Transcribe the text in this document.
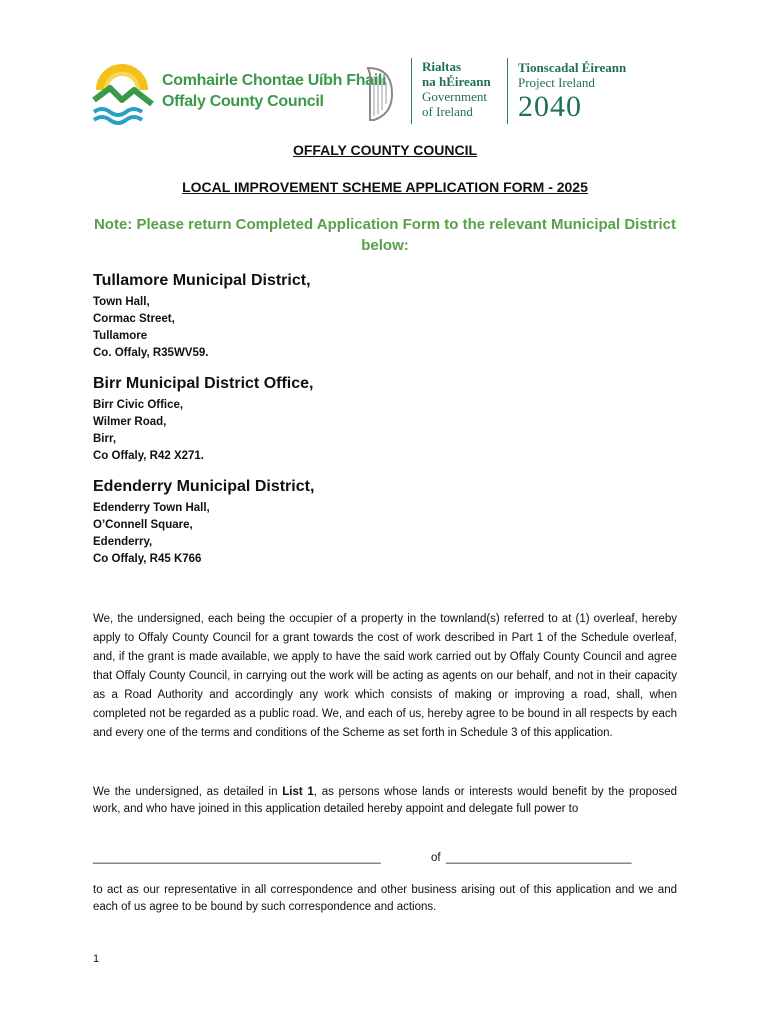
Comhairle Chontae Uíbh Fhailí
Offaly County Council
Rialtas
na hÉireann
Government
of Ireland
Tionscadal Éireann
Project Ireland
2040
OFFALY COUNTY COUNCIL
LOCAL IMPROVEMENT SCHEME APPLICATION FORM - 2025
Note: Please return Completed Application Form to the relevant Municipal District below:
Tullamore Municipal District,
Town Hall,
Cormac Street,
Tullamore
Co. Offaly, R35WV59.
Birr Municipal District Office,
Birr Civic Office,
Wilmer Road,
Birr,
Co Offaly, R42 X271.
Edenderry Municipal District,
Edenderry Town Hall,
O’Connell Square,
Edenderry,
Co Offaly, R45 K766
We, the undersigned, each being the occupier of a property in the townland(s) referred to at (1) overleaf, hereby apply to Offaly County Council for a grant towards the cost of work described in Part 1 of the Schedule overleaf, and, if the grant is made available, we apply to have the said work carried out by Offaly County Council and agree that Offaly County Council, in carrying out the work will be acting as agents on our behalf, and not in their capacity as a Road Authority and accordingly any work which consists of making or improving a road, shall, when completed not be regarded as a public road. We, and each of us, hereby agree to be bound in all respects by each and every one of the terms and conditions of the Scheme as set forth in Schedule 3 of this application.
We the undersigned, as detailed in List 1, as persons whose lands or interests would benefit by the proposed work, and who have joined in this application detailed hereby appoint and delegate full power to
_____________________________________________	of _____________________________
to act as our representative in all correspondence and other business arising out of this application and we and each of us agree to be bound by such correspondence and actions.
1
